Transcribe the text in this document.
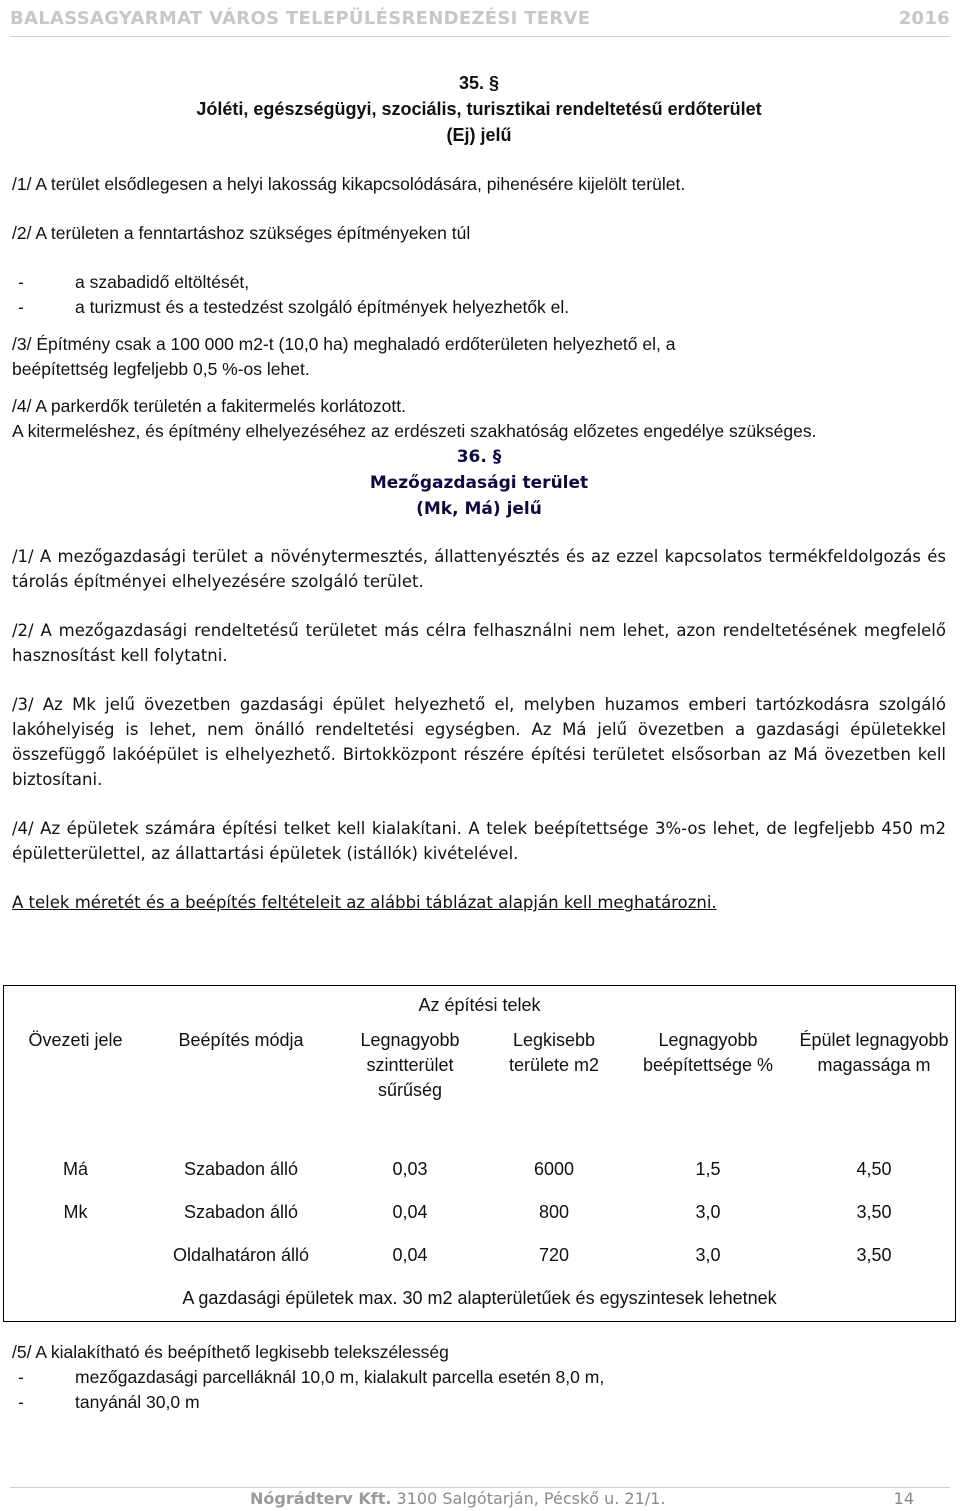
BALASSAGYARMAT VÁROS TELEPÜLÉSRENDEZÉSI TERVE	2016
35. §
Jóléti, egészségügyi, szociális, turisztikai rendeltetésű erdőterület
(Ej) jelű

/1/ A terület elsődlegesen a helyi lakosság kikapcsolódására, pihenésére kijelölt terület.

/2/ A területen a fenntartáshoz szükséges építményeken túl

-	a szabadidő eltöltését,
-	a turizmust és a testedzést szolgáló építmények helyezhetők el.

/3/ Építmény csak a 100 000 m2-t (10,0 ha) meghaladó erdőterületen helyezhető el, a

beépítettség legfeljebb 0,5 %-os lehet.

/4/ A parkerdők területén a fakitermelés korlátozott.

A kitermeléshez, és építmény elhelyezéséhez az erdészeti szakhatóság előzetes engedélye szükséges.

36. §
Mezőgazdasági terület
(Mk, Má) jelű

/1/ A mezőgazdasági terület a növénytermesztés, állattenyésztés és az ezzel kapcsolatos termékfeldolgozás és tárolás építményei elhelyezésére szolgáló terület.

/2/ A mezőgazdasági rendeltetésű területet más célra felhasználni nem lehet, azon rendeltetésének megfelelő hasznosítást kell folytatni.

/3/ Az Mk jelű övezetben gazdasági épület helyezhető el, melyben huzamos emberi tartózkodásra szolgáló lakóhelyiség is lehet, nem önálló rendeltetési egységben. Az Má jelű övezetben a gazdasági épületekkel összefüggő lakóépület is elhelyezhető. Birtokközpont részére építési területet elsősorban az Má övezetben kell biztosítani.

/4/ Az épületek számára építési telket kell kialakítani. A telek beépítettsége 3%-os lehet, de legfeljebb 450 m2 épületterülettel, az állattartási épületek (istállók) kivételével.

A telek méretét és a beépítés feltételeit az alábbi táblázat alapján kell meghatározni.

Az építési telek					
Övezeti jele	Beépítés módja	Legnagyobb szintterület sűrűség	Legkisebb területe m2	Legnagyobb beépítettsége %	Épület legnagyobb magassága m
Má	Szabadon álló	0,03	6000	1,5	4,50
Mk	Szabadon álló	0,04	800	3,0	3,50
	Oldalhatáron álló	0,04	720	3,0	3,50
A gazdasági épületek max. 30 m2 alapterületűek és egyszintesek lehetnek					

/5/ A kialakítható és beépíthető legkisebb telekszélesség

-	mezőgazdasági parcelláknál 10,0 m, kialakult parcella esetén 8,0 m,
-	tanyánál 30,0 m
Nógrádterv Kft. 3100 Salgótarján, Pécskő u. 21/1.	14
